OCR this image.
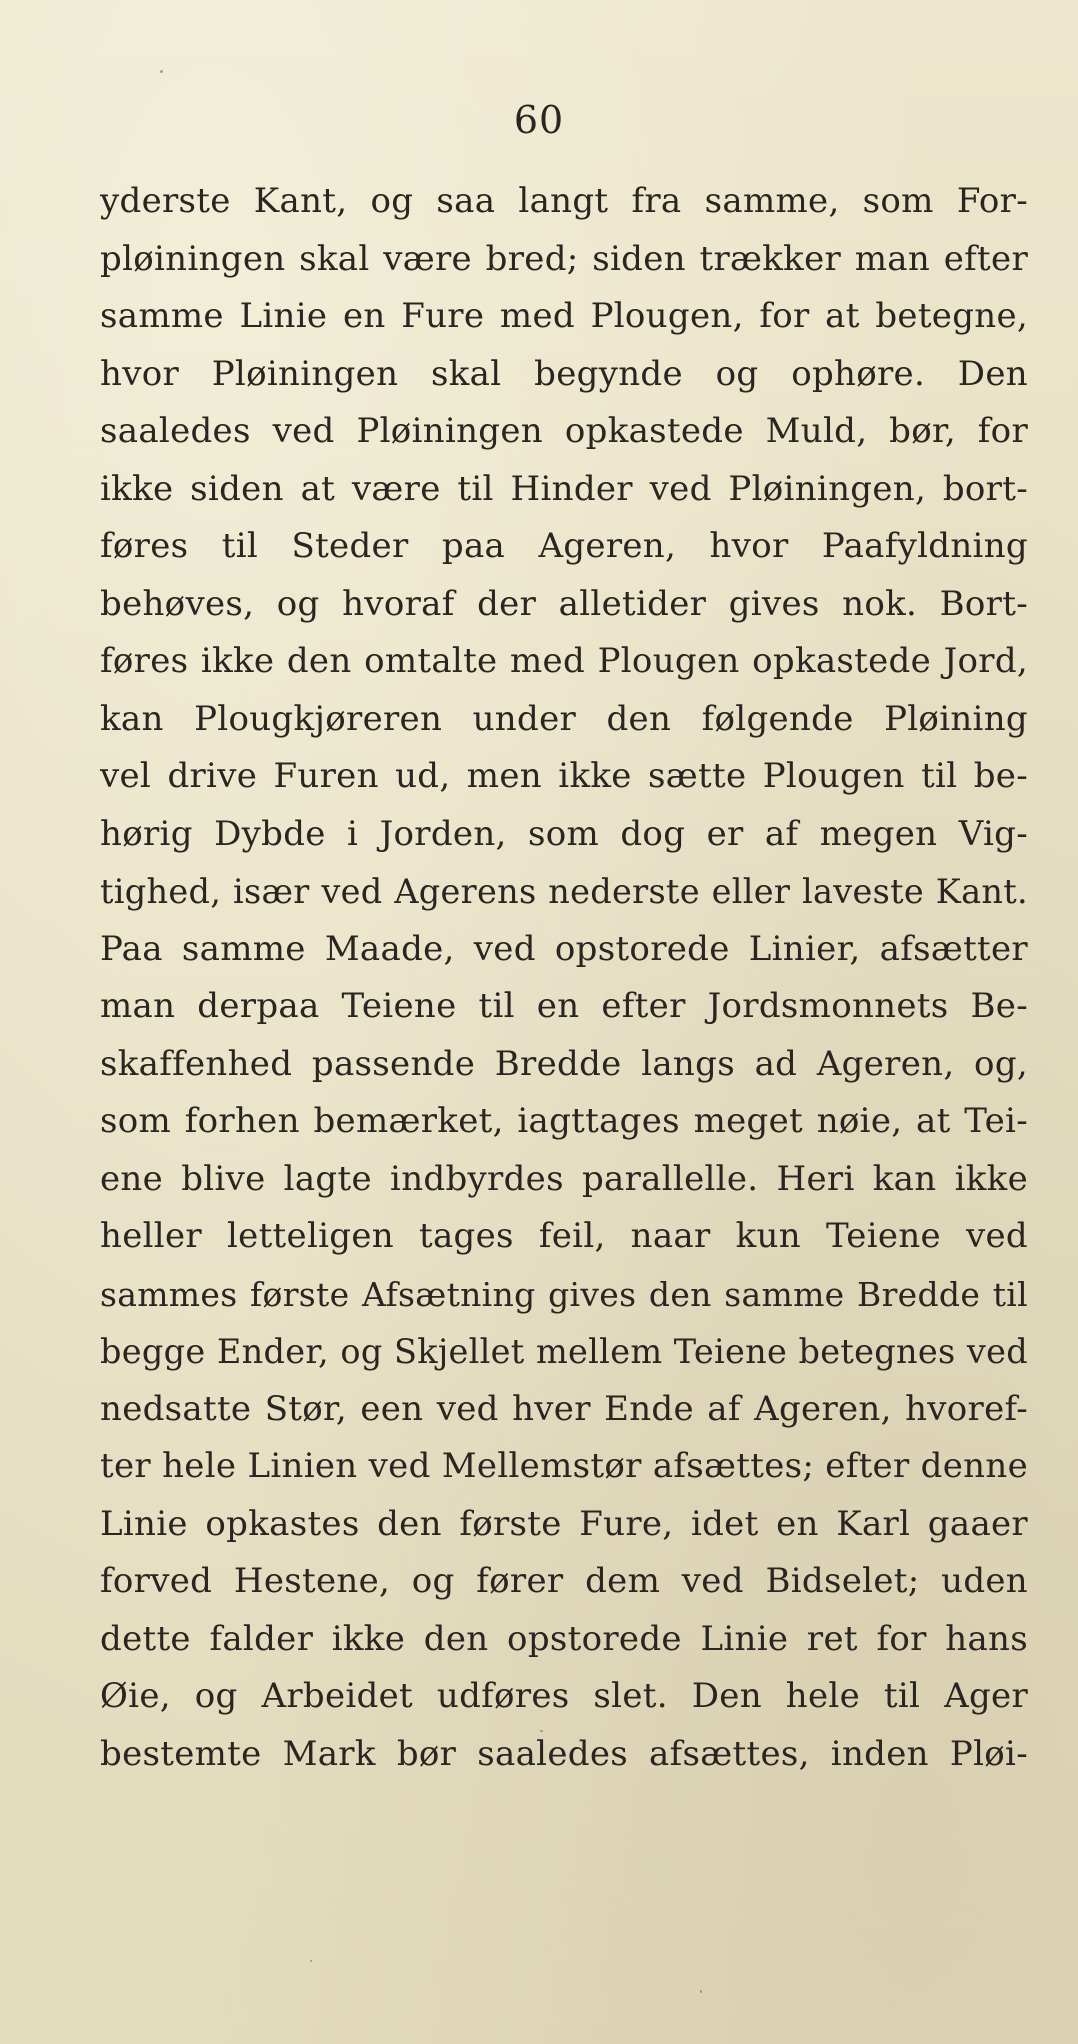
60
yderste Kant, og saa langt fra samme, som For-
pløiningen skal være bred; siden trækker man efter
samme Linie en Fure med Plougen, for at betegne,
hvor Pløiningen skal begynde og ophøre. Den
saaledes ved Pløiningen opkastede Muld, bør, for
ikke siden at være til Hinder ved Pløiningen, bort-
føres til Steder paa Ageren, hvor Paafyldning
behøves, og hvoraf der alletider gives nok. Bort-
føres ikke den omtalte med Plougen opkastede Jord,
kan Plougkjøreren under den følgende Pløining
vel drive Furen ud, men ikke sætte Plougen til be-
hørig Dybde i Jorden, som dog er af megen Vig-
tighed, især ved Agerens nederste eller laveste Kant.
Paa samme Maade, ved opstorede Linier, afsætter
man derpaa Teiene til en efter Jordsmonnets Be-
skaffenhed passende Bredde langs ad Ageren, og,
som forhen bemærket, iagttages meget nøie, at Tei-
ene blive lagte indbyrdes parallelle. Heri kan ikke
heller letteligen tages feil, naar kun Teiene ved
sammes første Afsætning gives den samme Bredde til
begge Ender, og Skjellet mellem Teiene betegnes ved
nedsatte Stør, een ved hver Ende af Ageren, hvoref-
ter hele Linien ved Mellemstør afsættes; efter denne
Linie opkastes den første Fure, idet en Karl gaaer
forved Hestene, og fører dem ved Bidselet; uden
dette falder ikke den opstorede Linie ret for hans
Øie, og Arbeidet udføres slet. Den hele til Ager
bestemte Mark bør saaledes afsættes, inden Pløi-
